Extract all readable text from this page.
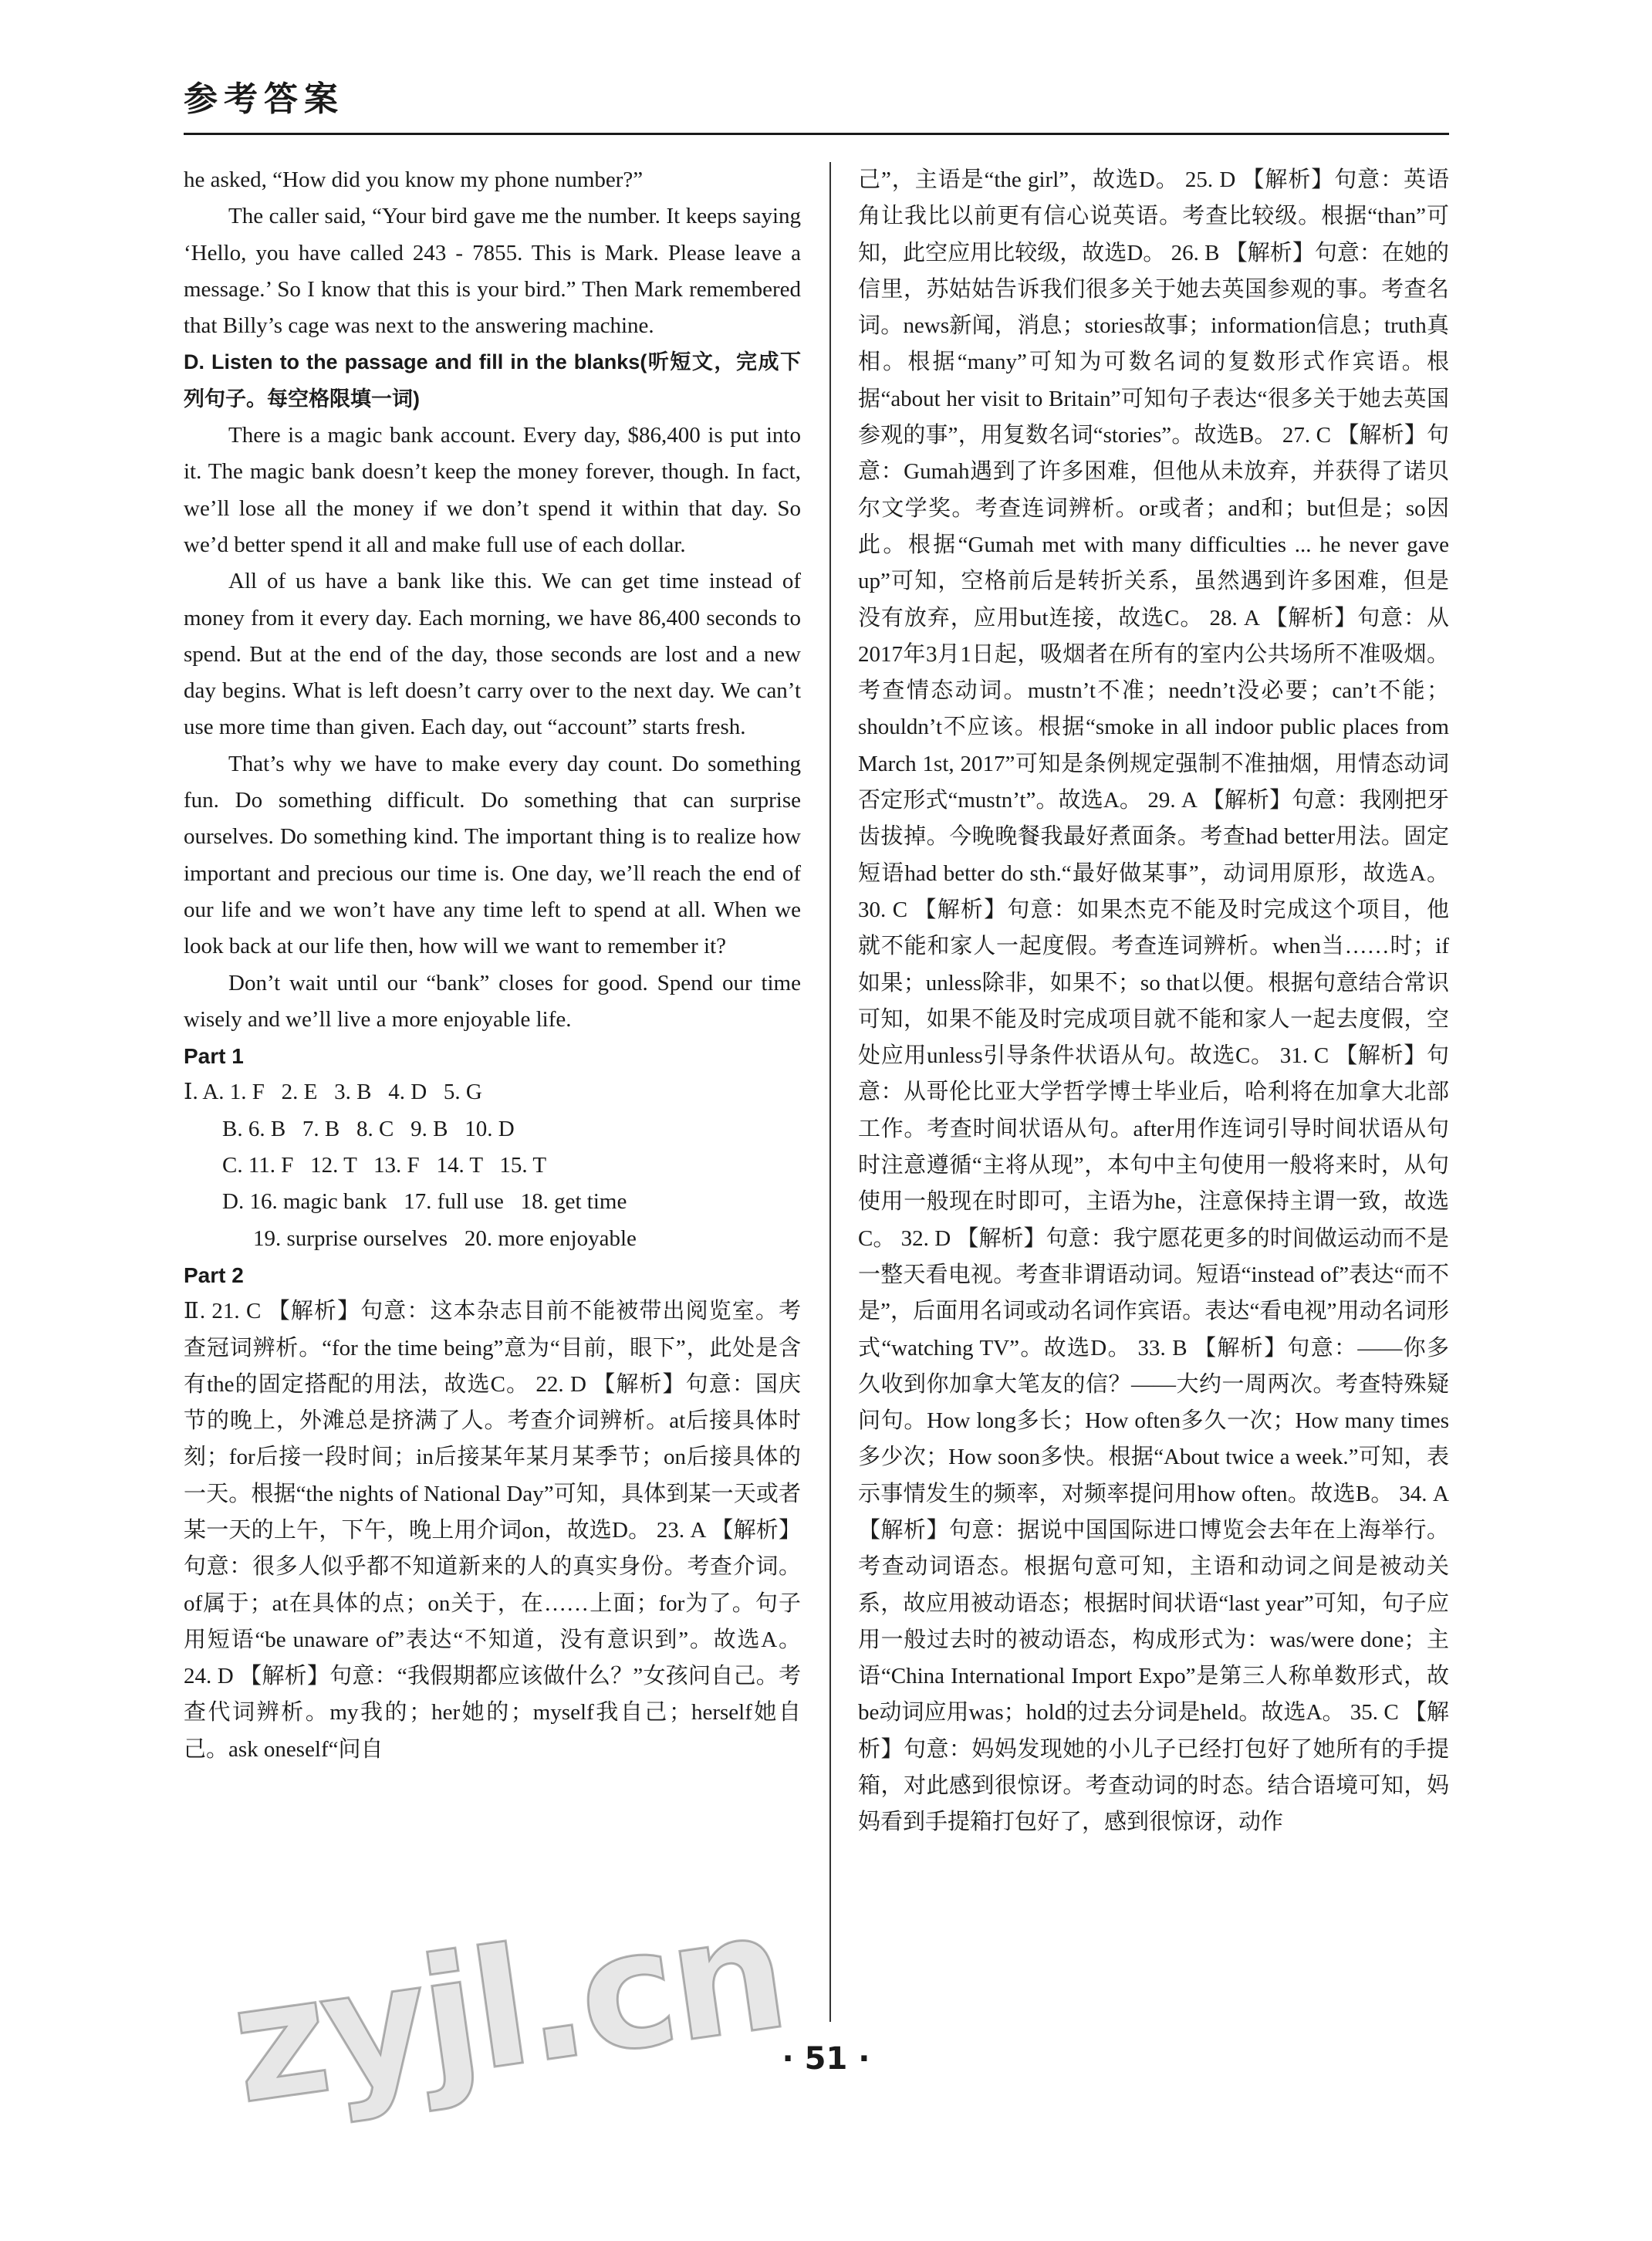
参考答案

he asked, “How did you know my phone number?”

The caller said, “Your bird gave me the number. It keeps saying ‘Hello, you have called 243 - 7855. This is Mark. Please leave a message.’ So I know that this is your bird.” Then Mark remembered that Billy’s cage was next to the answering machine.

D. Listen to the passage and fill in the blanks(听短文，完成下列句子。每空格限填一词)

There is a magic bank account. Every day, $86,400 is put into it. The magic bank doesn’t keep the money forever, though. In fact, we’ll lose all the money if we don’t spend it within that day. So we’d better spend it all and make full use of each dollar.

All of us have a bank like this. We can get time instead of money from it every day. Each morning, we have 86,400 seconds to spend. But at the end of the day, those seconds are lost and a new day begins. What is left doesn’t carry over to the next day. We can’t use more time than given. Each day, out “account” starts fresh.

That’s why we have to make every day count. Do something fun. Do something difficult. Do something that can surprise ourselves. Do something kind. The important thing is to realize how important and precious our time is. One day, we’ll reach the end of our life and we won’t have any time left to spend at all. When we look back at our life then, how will we want to remember it?

Don’t wait until our “bank” closes for good. Spend our time wisely and we’ll live a more enjoyable life.

Part 1

Ⅰ. A. 1. F   2. E   3. B   4. D   5. G

B. 6. B   7. B   8. C   9. B   10. D

C. 11. F   12. T   13. F   14. T   15. T

D. 16. magic bank   17. full use   18. get time

19. surprise ourselves   20. more enjoyable

Part 2

Ⅱ. 21. C 【解析】句意：这本杂志目前不能被带出阅览室。考查冠词辨析。“for the time being”意为“目前，眼下”，此处是含有the的固定搭配的用法，故选C。 22. D 【解析】句意：国庆节的晚上，外滩总是挤满了人。考查介词辨析。at后接具体时刻；for后接一段时间；in后接某年某月某季节；on后接具体的一天。根据“the nights of National Day”可知，具体到某一天或者某一天的上午，下午，晚上用介词on，故选D。 23. A 【解析】句意：很多人似乎都不知道新来的人的真实身份。考查介词。of属于；at在具体的点；on关于，在……上面；for为了。句子用短语“be unaware of”表达“不知道，没有意识到”。故选A。 24. D 【解析】句意：“我假期都应该做什么？”女孩问自己。考查代词辨析。my我的；her她的；myself我自己；herself她自己。ask oneself“问自

己”，主语是“the girl”，故选D。 25. D 【解析】句意：英语角让我比以前更有信心说英语。考查比较级。根据“than”可知，此空应用比较级，故选D。 26. B 【解析】句意：在她的信里，苏姑姑告诉我们很多关于她去英国参观的事。考查名词。news新闻，消息；stories故事；information信息；truth真相。根据“many”可知为可数名词的复数形式作宾语。根据“about her visit to Britain”可知句子表达“很多关于她去英国参观的事”，用复数名词“stories”。故选B。 27. C 【解析】句意：Gumah遇到了许多困难，但他从未放弃，并获得了诺贝尔文学奖。考查连词辨析。or或者；and和；but但是；so因此。根据“Gumah met with many difficulties ... he never gave up”可知，空格前后是转折关系，虽然遇到许多困难，但是没有放弃，应用but连接，故选C。 28. A 【解析】句意：从2017年3月1日起，吸烟者在所有的室内公共场所不准吸烟。考查情态动词。mustn’t不准；needn’t没必要；can’t不能；shouldn’t不应该。根据“smoke in all indoor public places from March 1st, 2017”可知是条例规定强制不准抽烟，用情态动词否定形式“mustn’t”。故选A。 29. A 【解析】句意：我刚把牙齿拔掉。今晚晚餐我最好煮面条。考查had better用法。固定短语had better do sth.“最好做某事”，动词用原形，故选A。 30. C 【解析】句意：如果杰克不能及时完成这个项目，他就不能和家人一起度假。考查连词辨析。when当……时；if如果；unless除非，如果不；so that以便。根据句意结合常识可知，如果不能及时完成项目就不能和家人一起去度假，空处应用unless引导条件状语从句。故选C。 31. C 【解析】句意：从哥伦比亚大学哲学博士毕业后，哈利将在加拿大北部工作。考查时间状语从句。after用作连词引导时间状语从句时注意遵循“主将从现”，本句中主句使用一般将来时，从句使用一般现在时即可，主语为he，注意保持主谓一致，故选C。 32. D 【解析】句意：我宁愿花更多的时间做运动而不是一整天看电视。考查非谓语动词。短语“instead of”表达“而不是”，后面用名词或动名词作宾语。表达“看电视”用动名词形式“watching TV”。故选D。 33. B 【解析】句意：——你多久收到你加拿大笔友的信？——大约一周两次。考查特殊疑问句。How long多长；How often多久一次；How many times多少次；How soon多快。根据“About twice a week.”可知，表示事情发生的频率，对频率提问用how often。故选B。 34. A 【解析】句意：据说中国国际进口博览会去年在上海举行。考查动词语态。根据句意可知，主语和动词之间是被动关系，故应用被动语态；根据时间状语“last year”可知，句子应用一般过去时的被动语态，构成形式为：was/were done；主语“China International Import Expo”是第三人称单数形式，故be动词应用was；hold的过去分词是held。故选A。 35. C 【解析】句意：妈妈发现她的小儿子已经打包好了她所有的手提箱，对此感到很惊讶。考查动词的时态。结合语境可知，妈妈看到手提箱打包好了，感到很惊讶，动作

zyjl.cn
· 51 ·
